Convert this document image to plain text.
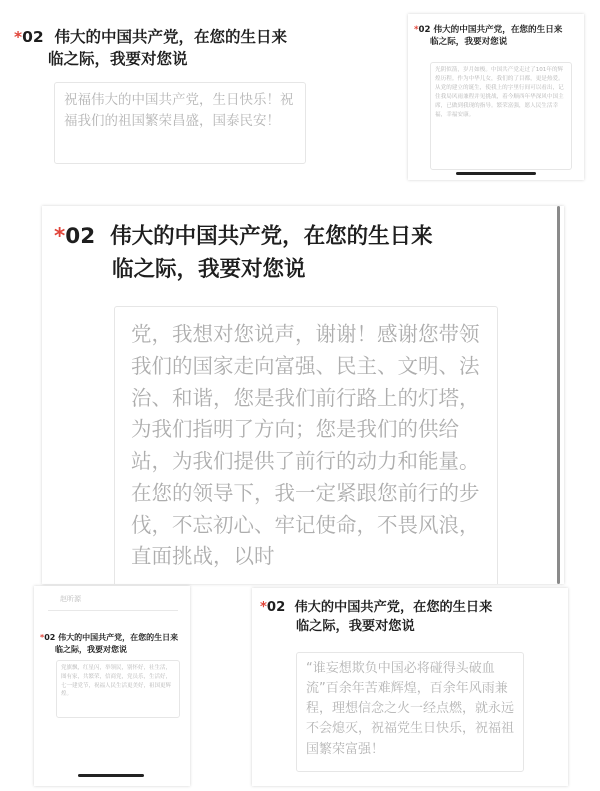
*02 伟大的中国共产党，在您的生日来
临之际，我要对您说
祝福伟大的中国共产党，生日快乐！祝福我们的祖国繁荣昌盛，国泰民安！
*02 伟大的中国共产党，在您的生日来
临之际，我要对您说
光阴似箭，岁月如梭。中国共产党走过了101年的辉煌历程。作为中华儿女，我们的了目都，更是热爱。从党的建立的诞生，使我上的字里行间可以看出，记住我局风雨兼程并见挑战，着今顺西年华深风中国主席，已做到我现的指导。繁荣富强，愿人民生活幸福，幸福安康。
*02 伟大的中国共产党，在您的生日来
临之际，我要对您说
党，我想对您说声，谢谢！感谢您带领我们的国家走向富强、民主、文明、法治、和谐，您是我们前行路上的灯塔，为我们指明了方向；您是我们的供给站，为我们提供了前行的动力和能量。在您的领导下，我一定紧跟您前行的步伐，不忘初心、牢记使命，不畏风浪，直面挑战，以时
赵昕源
*02 伟大的中国共产党，在您的生日来
临之际，我要对您说
党旗飘，红星闪，举领民，别怀好，社生活，图有家，共繁荣，信商党，党员乐，生活好，七一建党节，祝福人民生活更美好，祖国更辉煌。
*02 伟大的中国共产党，在您的生日来
临之际，我要对您说
“谁妄想欺负中国必将碰得头破血流”百余年苦难辉煌，百余年风雨兼程，理想信念之火一经点燃，就永远不会熄灭，祝福党生日快乐，祝福祖国繁荣富强！
